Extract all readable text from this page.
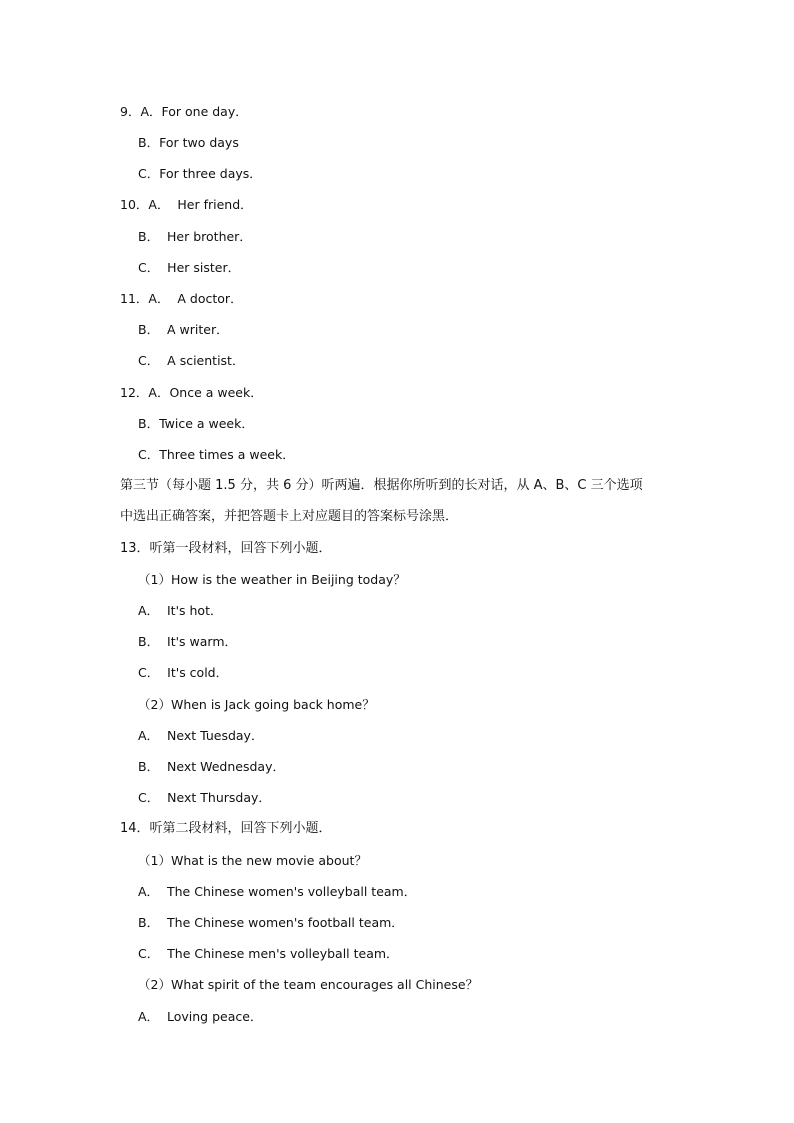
9．A．For one day．
B．For two days
C．For three days．
10．A．  Her friend．
B．  Her brother．
C．  Her sister．
11．A．  A doctor．
B．  A writer．
C．  A scientist．
12．A．Once a week．
B．Twice a week．
C．Three times a week．
第三节（每小题 1.5 分，共 6 分）听两遍．根据你所听到的长对话，从 A、B、C 三个选项
中选出正确答案，并把答题卡上对应题目的答案标号涂黑．
13．听第一段材料，回答下列小题．
（1）How is the weather in Beijing today？
A．  It's hot．
B．  It's warm．
C．  It's cold．
（2）When is Jack going back home？
A．  Next Tuesday．
B．  Next Wednesday．
C．  Next Thursday．
14．听第二段材料，回答下列小题．
（1）What is the new movie about？
A．  The Chinese women's volleyball team．
B．  The Chinese women's football team．
C．  The Chinese men's volleyball team．
（2）What spirit of the team encourages all Chinese？
A．  Loving peace．
